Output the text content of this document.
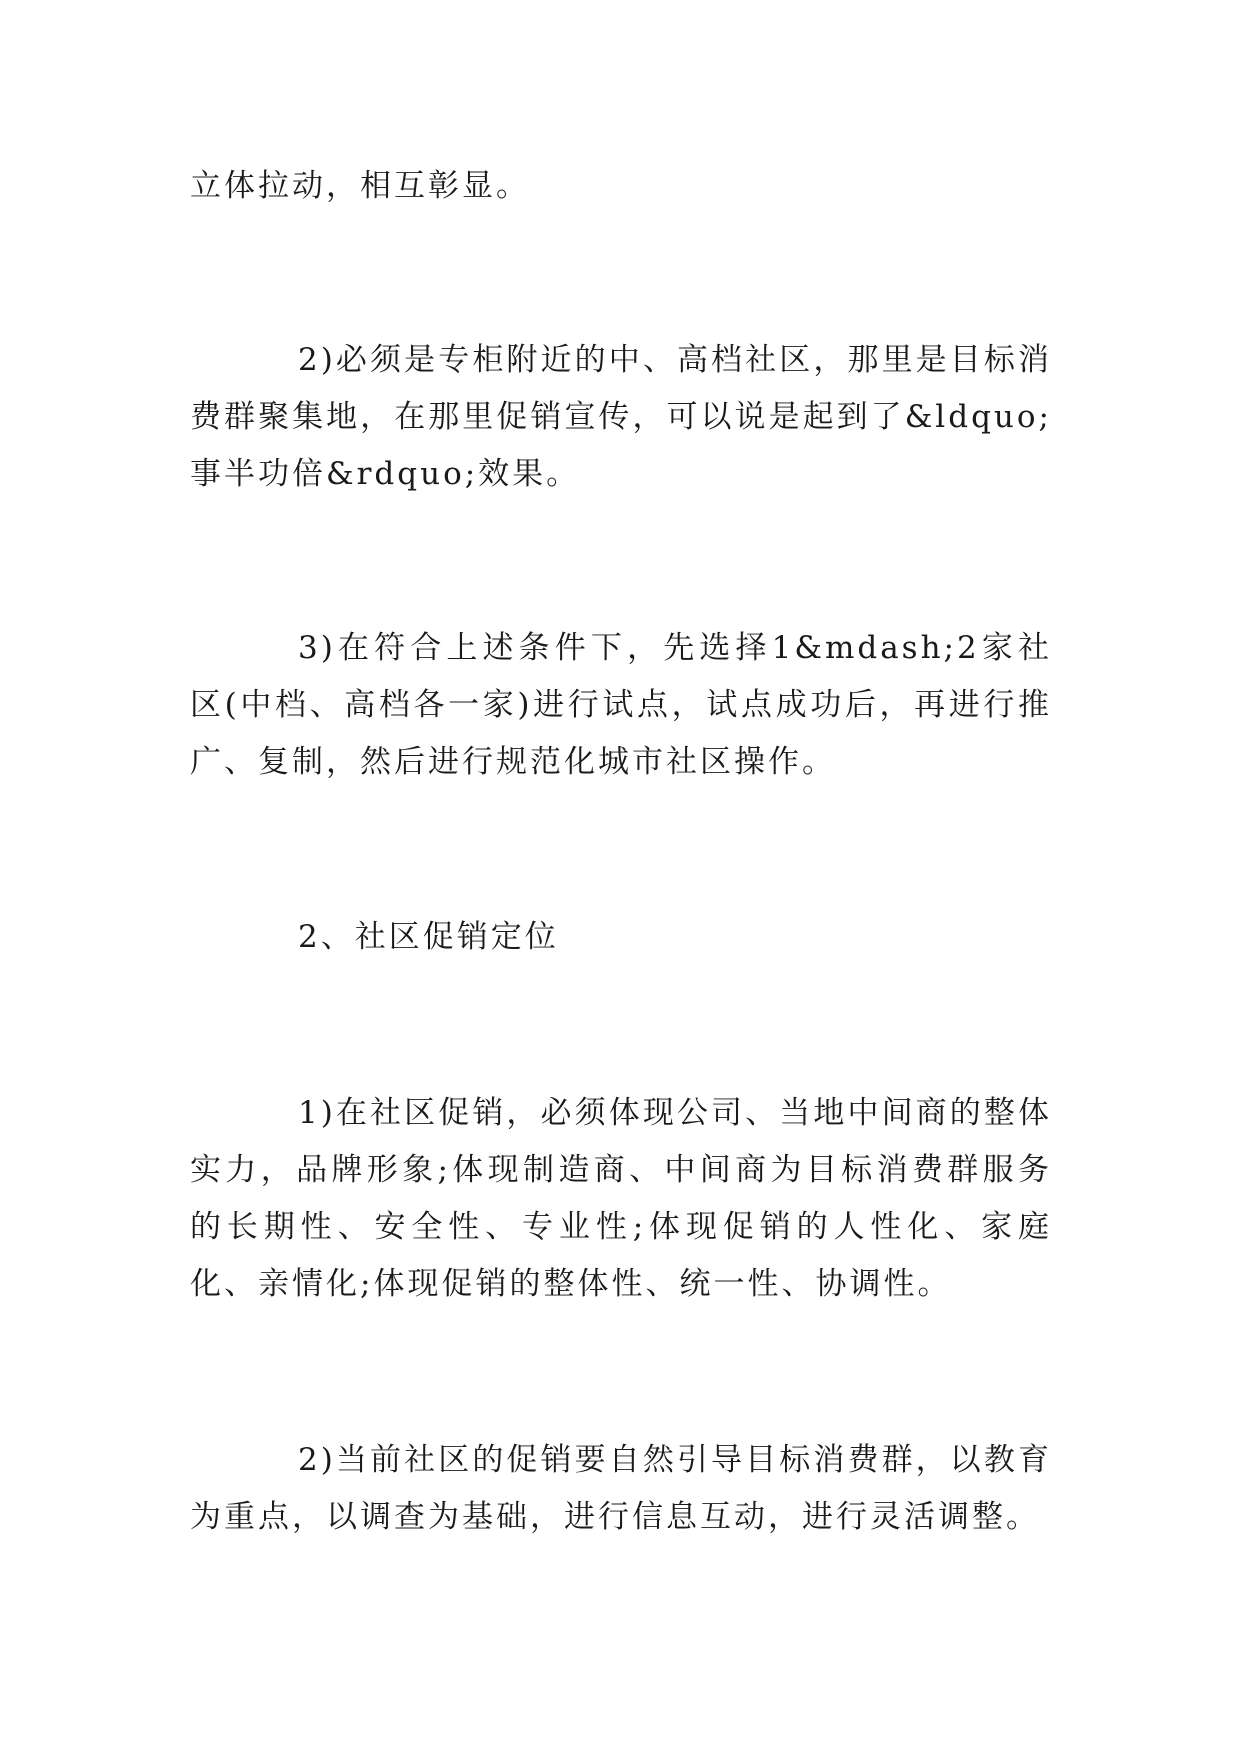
立体拉动，相互彰显。

2)必须是专柜附近的中、高档社区，那里是目标消费群聚集地，在那里促销宣传，可以说是起到了&ldquo;事半功倍&rdquo;效果。

3)在符合上述条件下，先选择1&mdash;2家社区(中档、高档各一家)进行试点，试点成功后，再进行推广、复制，然后进行规范化城市社区操作。

2、社区促销定位

1)在社区促销，必须体现公司、当地中间商的整体实力，品牌形象;体现制造商、中间商为目标消费群服务的长期性、安全性、专业性;体现促销的人性化、家庭化、亲情化;体现促销的整体性、统一性、协调性。

2)当前社区的促销要自然引导目标消费群，以教育为重点，以调查为基础，进行信息互动，进行灵活调整。
